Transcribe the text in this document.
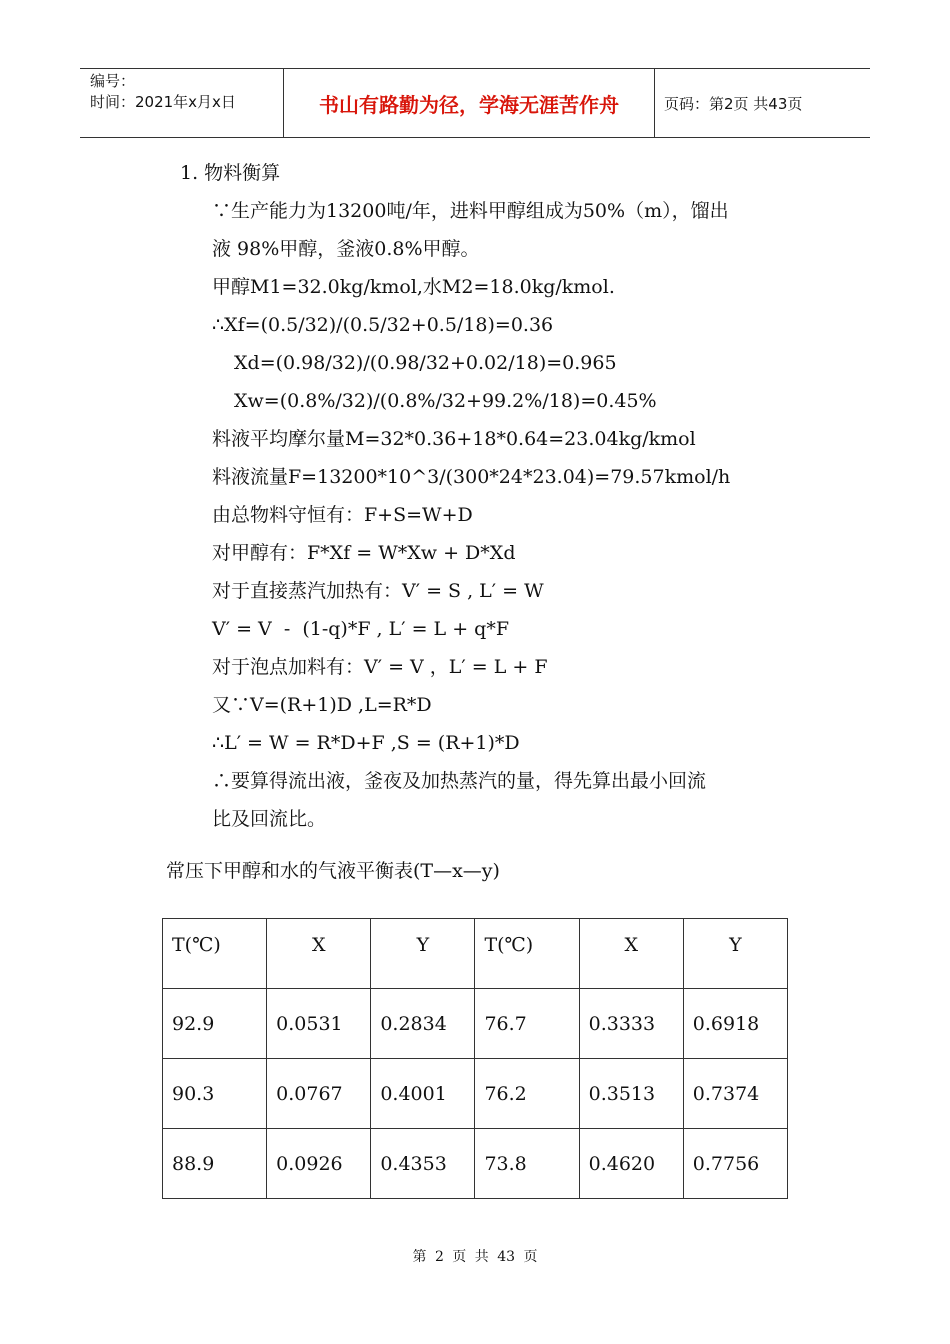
编号：
时间：2021年x月x日	书山有路勤为径，学海无涯苦作舟	页码：第2页 共43页
1. 物料衡算
∵生产能力为13200吨/年，进料甲醇组成为50%（m），馏出
液 98%甲醇，釜液0.8%甲醇。
甲醇M1=32.0kg/kmol,水M2=18.0kg/kmol.
∴Xf=(0.5/32)/(0.5/32+0.5/18)=0.36
Xd=(0.98/32)/(0.98/32+0.02/18)=0.965
Xw=(0.8%/32)/(0.8%/32+99.2%/18)=0.45%
料液平均摩尔量M=32*0.36+18*0.64=23.04kg/kmol
料液流量F=13200*10^3/(300*24*23.04)=79.57kmol/h
由总物料守恒有：F+S=W+D
对甲醇有：F*Xf = W*Xw + D*Xd
对于直接蒸汽加热有：V′ = S , L′ = W
V′ = V  -  (1-q)*F , L′ = L + q*F
对于泡点加料有：V′ = V ，L′ = L + F
又∵V=(R+1)D ,L=R*D
∴L′ = W = R*D+F ,S = (R+1)*D
∴要算得流出液，釜夜及加热蒸汽的量，得先算出最小回流
比及回流比。
常压下甲醇和水的气液平衡表(T—x—y)
T(℃)	X	Y	T(℃)	X	Y
92.9	0.0531	0.2834	76.7	0.3333	0.6918
90.3	0.0767	0.4001	76.2	0.3513	0.7374
88.9	0.0926	0.4353	73.8	0.4620	0.7756
第 2 页 共 43 页
